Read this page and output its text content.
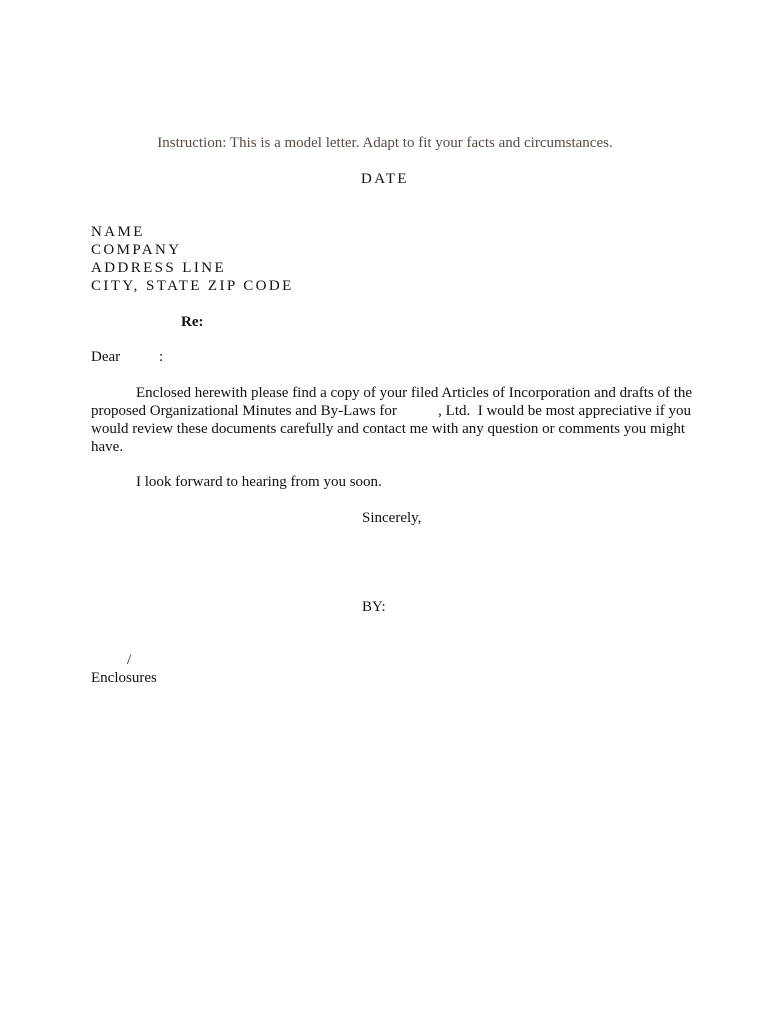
Instruction: This is a model letter. Adapt to fit your facts and circumstances.
DATE
NAME
COMPANY
ADDRESS LINE
CITY, STATE ZIP CODE
Re:
Dear	:
Enclosed herewith please find a copy of your filed Articles of Incorporation and drafts of the
proposed Organizational Minutes and By-Laws for           , Ltd.  I would be most appreciative if you
would review these documents carefully and contact me with any question or comments you might
have.
I look forward to hearing from you soon.
Sincerely,
BY:
/
Enclosures
